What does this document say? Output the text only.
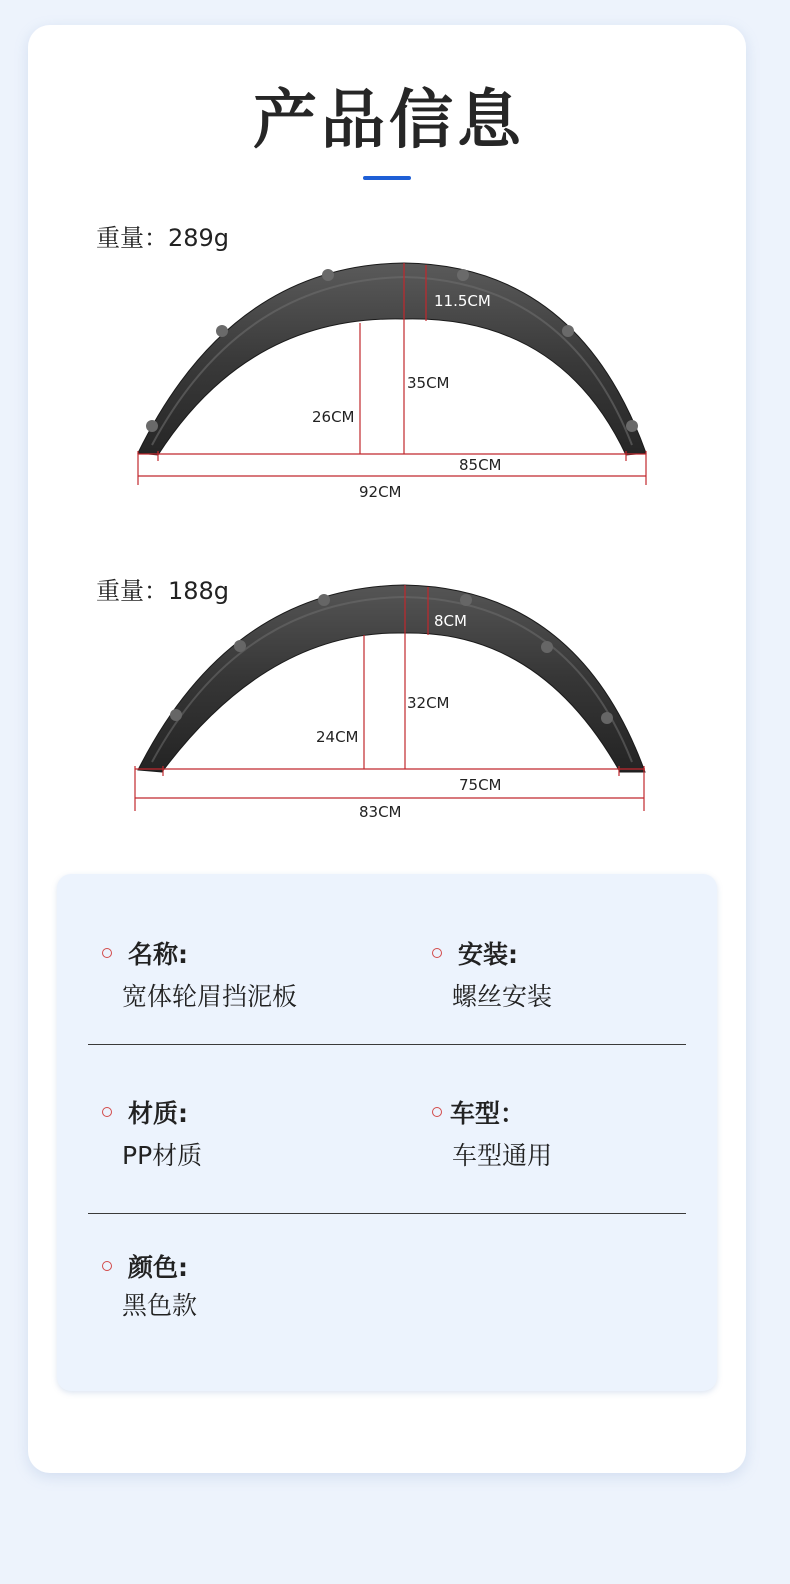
产品信息
重量：289g
11.5CM
35CM
26CM
85CM
92CM
重量：188g
8CM
32CM
24CM
75CM
83CM
名称:
宽体轮眉挡泥板
安装:
螺丝安装
材质:
PP材质
车型：
车型通用
颜色:
黑色款
